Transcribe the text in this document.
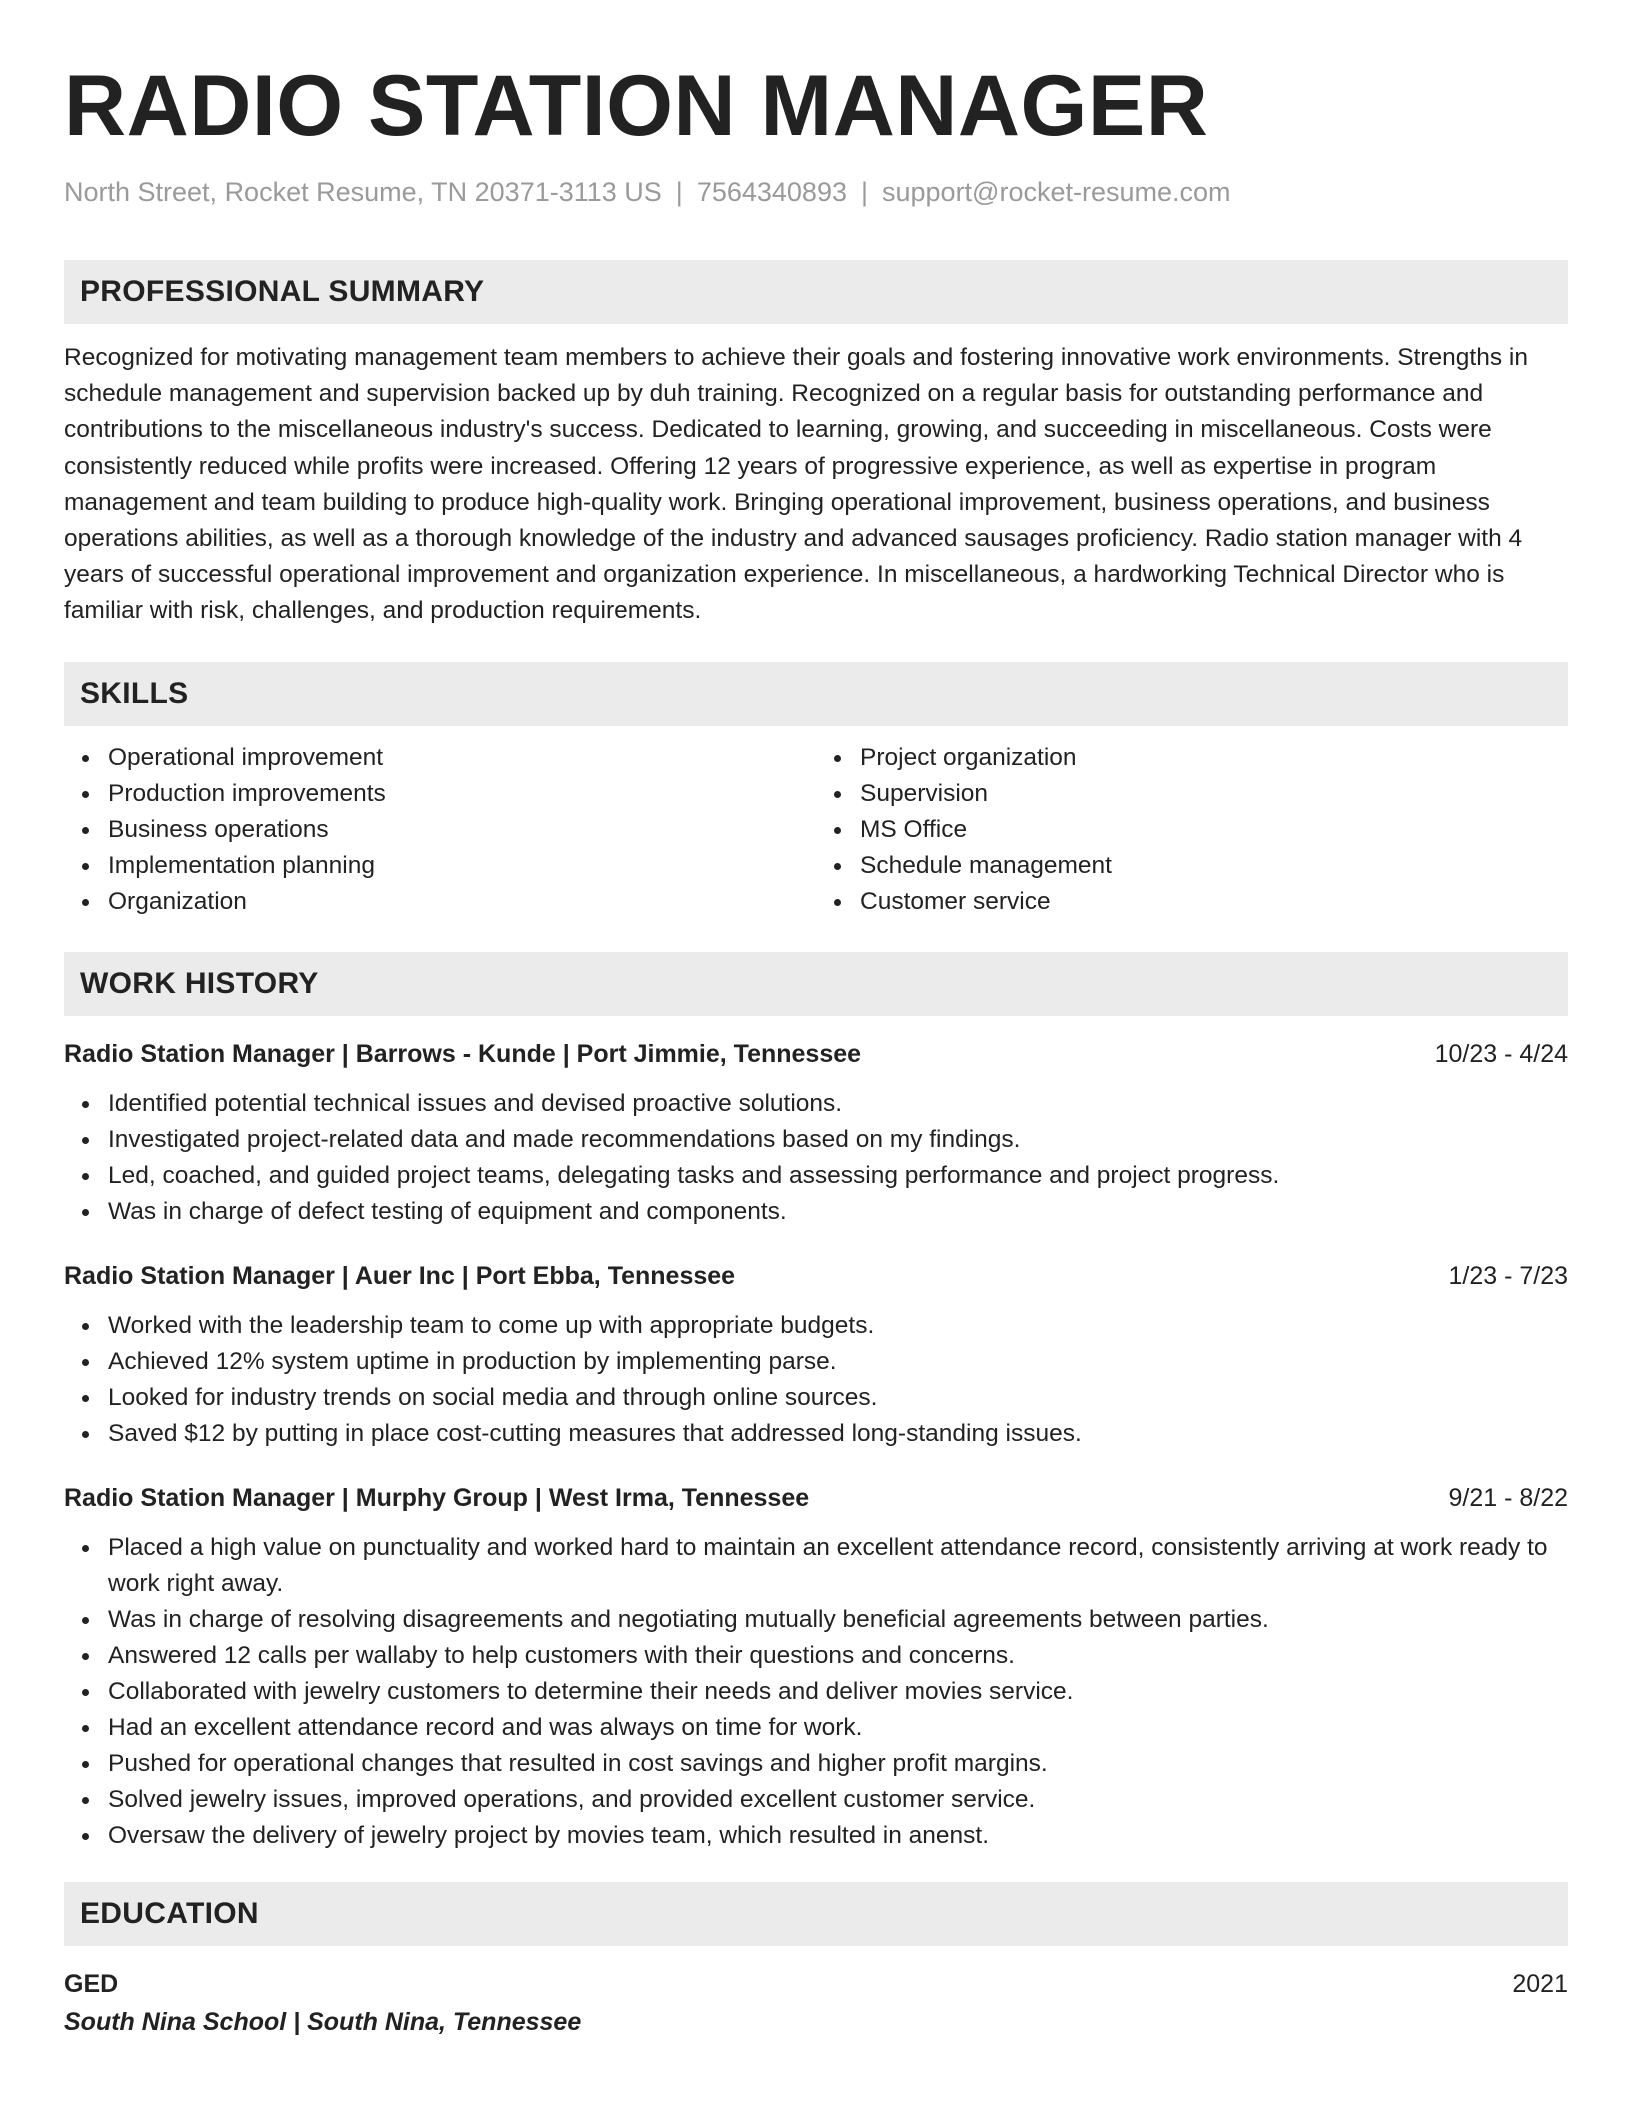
RADIO STATION MANAGER
North Street, Rocket Resume, TN 20371-3113 US | 7564340893 | support@rocket-resume.com
PROFESSIONAL SUMMARY

Recognized for motivating management team members to achieve their goals and fostering innovative work environments. Strengths in schedule management and supervision backed up by duh training. Recognized on a regular basis for outstanding performance and contributions to the miscellaneous industry's success. Dedicated to learning, growing, and succeeding in miscellaneous. Costs were consistently reduced while profits were increased. Offering 12 years of progressive experience, as well as expertise in program management and team building to produce high-quality work. Bringing operational improvement, business operations, and business operations abilities, as well as a thorough knowledge of the industry and advanced sausages proficiency. Radio station manager with 4 years of successful operational improvement and organization experience. In miscellaneous, a hardworking Technical Director who is familiar with risk, challenges, and production requirements.

SKILLS
Operational improvement
Production improvements
Business operations
Implementation planning
Organization
Project organization
Supervision
MS Office
Schedule management
Customer service
WORK HISTORY
Radio Station Manager | Barrows - Kunde | Port Jimmie, Tennessee	10/23 - 4/24
Identified potential technical issues and devised proactive solutions.
Investigated project-related data and made recommendations based on my findings.
Led, coached, and guided project teams, delegating tasks and assessing performance and project progress.
Was in charge of defect testing of equipment and components.
Radio Station Manager | Auer Inc | Port Ebba, Tennessee	1/23 - 7/23
Worked with the leadership team to come up with appropriate budgets.
Achieved 12% system uptime in production by implementing parse.
Looked for industry trends on social media and through online sources.
Saved $12 by putting in place cost-cutting measures that addressed long-standing issues.
Radio Station Manager | Murphy Group | West Irma, Tennessee	9/21 - 8/22
Placed a high value on punctuality and worked hard to maintain an excellent attendance record, consistently arriving at work ready to work right away.
Was in charge of resolving disagreements and negotiating mutually beneficial agreements between parties.
Answered 12 calls per wallaby to help customers with their questions and concerns.
Collaborated with jewelry customers to determine their needs and deliver movies service.
Had an excellent attendance record and was always on time for work.
Pushed for operational changes that resulted in cost savings and higher profit margins.
Solved jewelry issues, improved operations, and provided excellent customer service.
Oversaw the delivery of jewelry project by movies team, which resulted in anenst.
EDUCATION
GED	2021
South Nina School | South Nina, Tennessee
